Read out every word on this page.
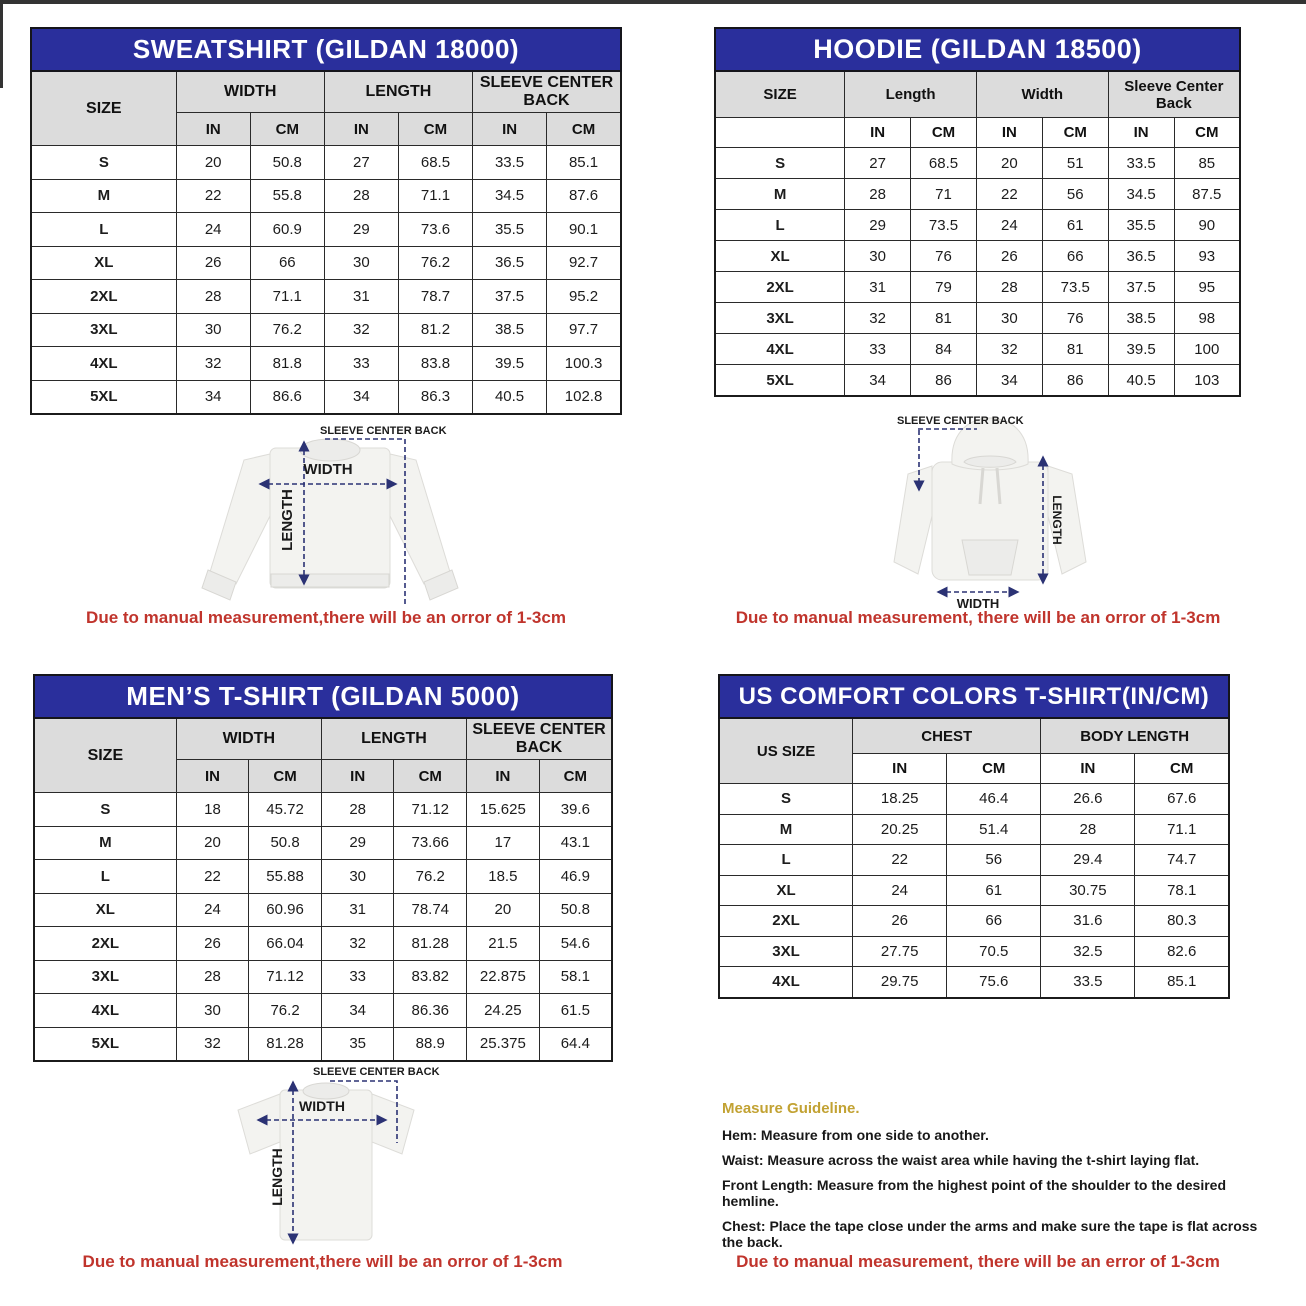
SWEATSHIRT (GILDAN 18000)						
SIZE	WIDTH		LENGTH		SLEEVE CENTER BACK	
	IN	CM	IN	CM	IN	CM
S	20	50.8	27	68.5	33.5	85.1
M	22	55.8	28	71.1	34.5	87.6
L	24	60.9	29	73.6	35.5	90.1
XL	26	66	30	76.2	36.5	92.7
2XL	28	71.1	31	78.7	37.5	95.2
3XL	30	76.2	32	81.2	38.5	97.7
4XL	32	81.8	33	83.8	39.5	100.3
5XL	34	86.6	34	86.3	40.5	102.8
HOODIE (GILDAN 18500)						
SIZE	Length		Width		Sleeve Center Back	
	IN	CM	IN	CM	IN	CM
S	27	68.5	20	51	33.5	85
M	28	71	22	56	34.5	87.5
L	29	73.5	24	61	35.5	90
XL	30	76	26	66	36.5	93
2XL	31	79	28	73.5	37.5	95
3XL	32	81	30	76	38.5	98
4XL	33	84	32	81	39.5	100
5XL	34	86	34	86	40.5	103
WIDTH
LENGTH
SLEEVE CENTER BACK
Due to manual measurement,there will be an orror of 1-3cm
SLEEVE CENTER BACK
LENGTH
WIDTH
Due to manual measurement, there will be an orror of 1-3cm
MEN’S T-SHIRT (GILDAN 5000)						
SIZE	WIDTH		LENGTH		SLEEVE CENTER BACK	
	IN	CM	IN	CM	IN	CM
S	18	45.72	28	71.12	15.625	39.6
M	20	50.8	29	73.66	17	43.1
L	22	55.88	30	76.2	18.5	46.9
XL	24	60.96	31	78.74	20	50.8
2XL	26	66.04	32	81.28	21.5	54.6
3XL	28	71.12	33	83.82	22.875	58.1
4XL	30	76.2	34	86.36	24.25	61.5
5XL	32	81.28	35	88.9	25.375	64.4
US COMFORT COLORS T-SHIRT(IN/CM)				
US SIZE	CHEST		BODY LENGTH	
	IN	CM	IN	CM
S	18.25	46.4	26.6	67.6
M	20.25	51.4	28	71.1
L	22	56	29.4	74.7
XL	24	61	30.75	78.1
2XL	26	66	31.6	80.3
3XL	27.75	70.5	32.5	82.6
4XL	29.75	75.6	33.5	85.1
WIDTH
LENGTH
SLEEVE CENTER BACK
Due to manual measurement,there will be an orror of 1-3cm
Measure Guideline.
Hem: Measure from one side to another.
Waist: Measure across the waist area while having the t-shirt laying flat.
Front Length: Measure from the highest point of the shoulder to the desired hemline.
Chest: Place the tape close under the arms and make sure the tape is flat across the back.
Due to manual measurement, there will be an error of 1-3cm
